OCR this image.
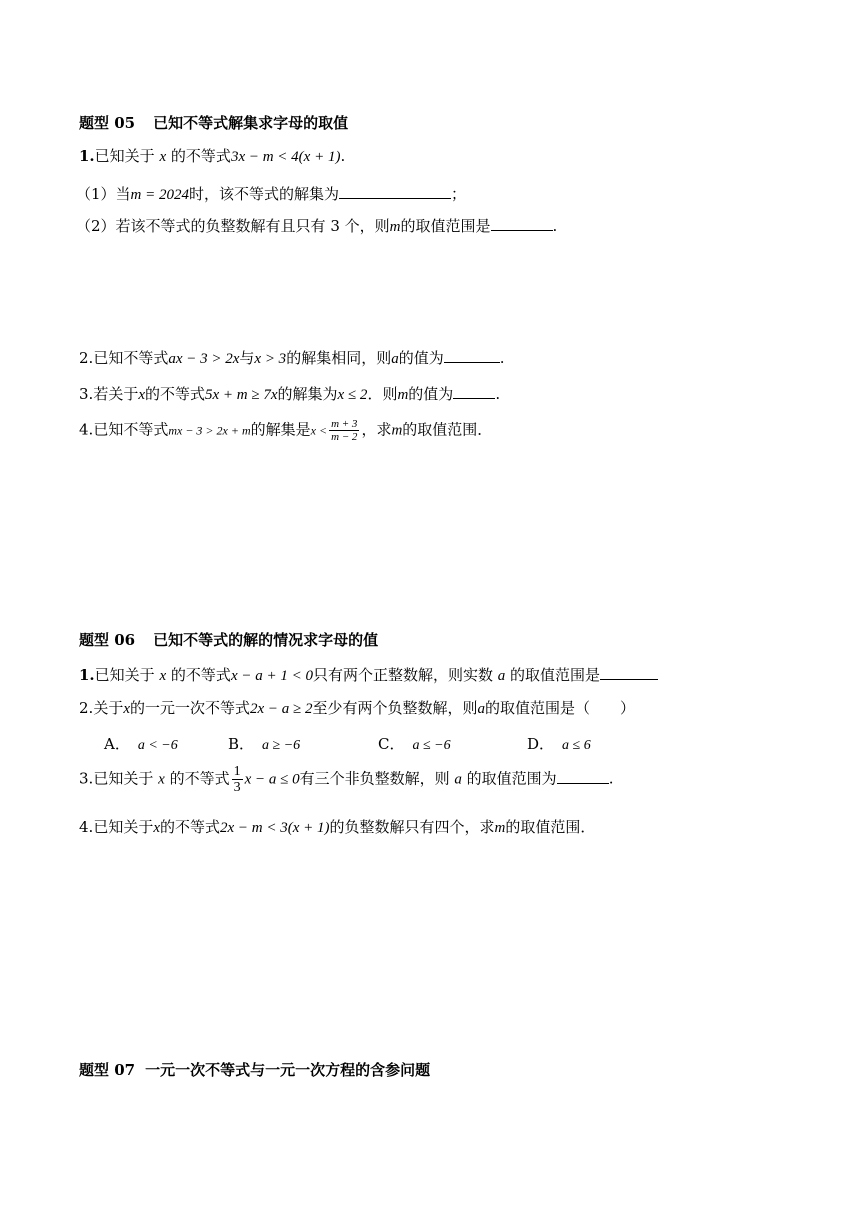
题型 05 已知不等式解集求字母的取值
1.已知关于 x 的不等式3x − m < 4(x + 1).
（1）当m = 2024时，该不等式的解集为	；
（2）若该不等式的负整数解有且只有 3 个，则m的取值范围是	.
2.已知不等式ax − 3 > 2x与x > 3的解集相同，则a的值为	.
3.若关于x的不等式5x + m ≥ 7x的解集为x ≤ 2．则m的值为	.
4.已知不等式mx − 3 > 2x + m的解集是$x < \frac{m + 3}{m - 2}$ ，求m的取值范围．
题型 06 已知不等式的解的情况求字母的值
1.已知关于 x 的不等式x − a + 1 < 0只有两个正整数解，则实数 a 的取值范围是
2.关于x的一元一次不等式2x − a ≥ 2至少有两个负整数解，则a的取值范围是（　　）
A． a < −6	B． a ≥ −6	C． a ≤ −6	D． a ≤ 6
3.已知关于 x 的不等式 $\frac{1}{3}$ x − a ≤ 0有三个非负整数解，则 a 的取值范围为	.
4.已知关于x的不等式2x − m < 3(x + 1)的负整数解只有四个，求m的取值范围．
题型 07 一元一次不等式与一元一次方程的含参问题
